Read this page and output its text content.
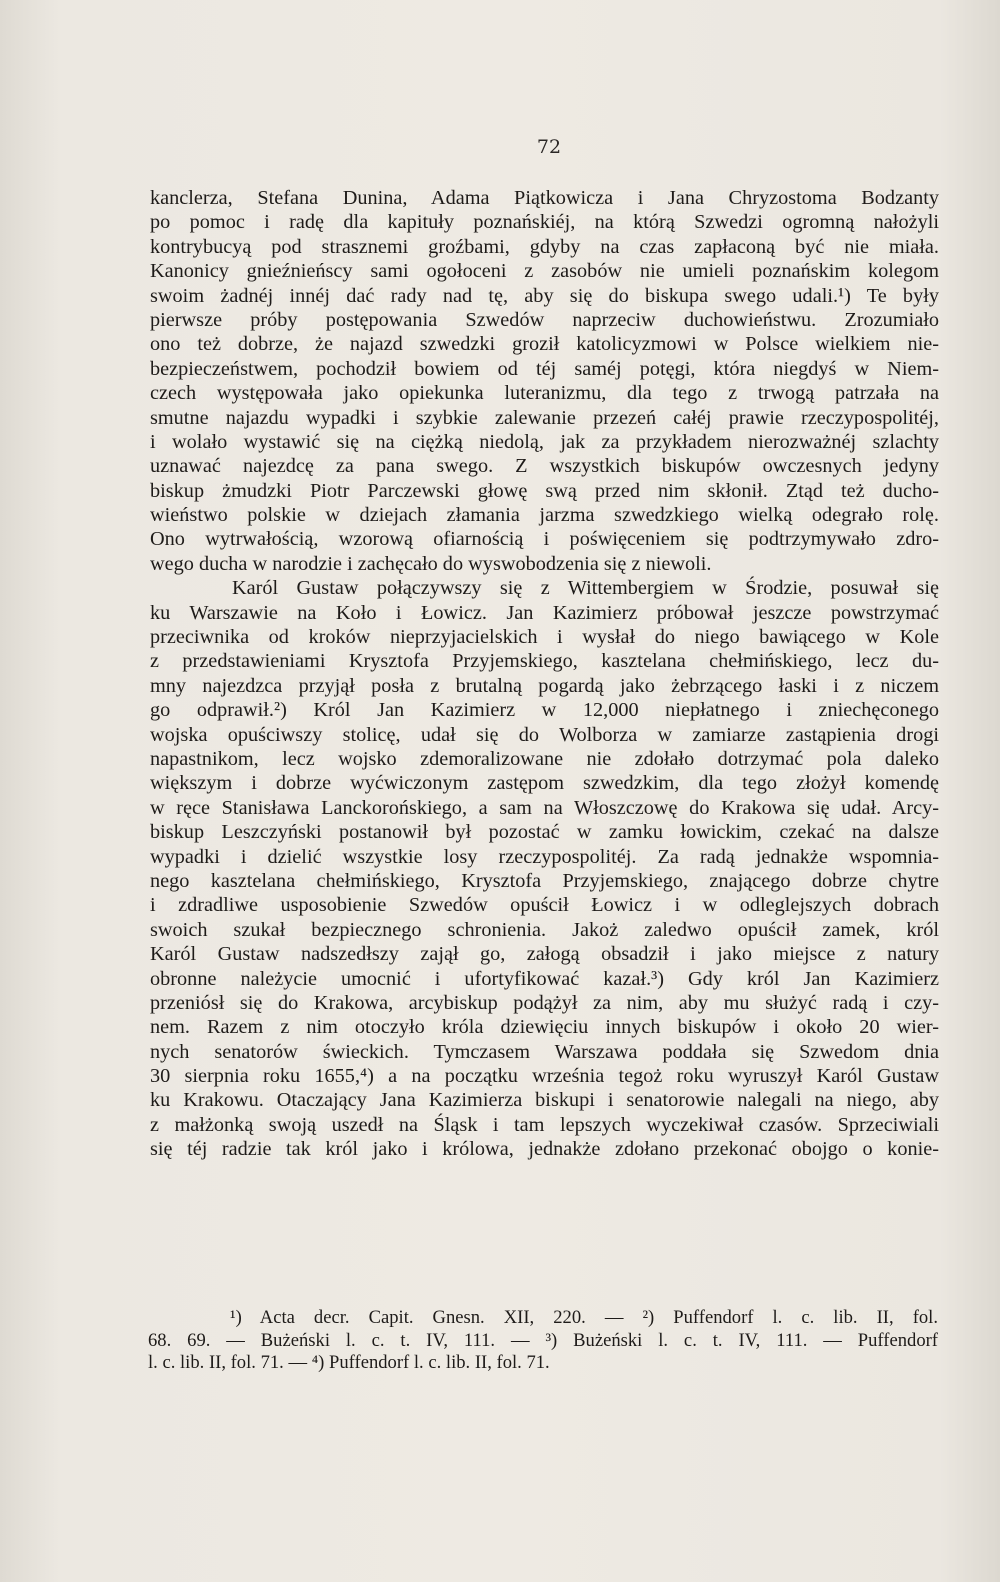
72
kanclerza, Stefana Dunina, Adama Piątkowicza i Jana Chryzostoma Bodzanty
po pomoc i radę dla kapituły poznańskiéj, na którą Szwedzi ogromną nałożyli
kontrybucyą pod strasznemi groźbami, gdyby na czas zapłaconą być nie miała.
Kanonicy gnieźnieńscy sami ogołoceni z zasobów nie umieli poznańskim kolegom
swoim żadnéj innéj dać rady nad tę, aby się do biskupa swego udali.¹) Te były
pierwsze próby postępowania Szwedów naprzeciw duchowieństwu. Zrozumiało
ono też dobrze, że najazd szwedzki groził katolicyzmowi w Polsce wielkiem nie-
bezpieczeństwem, pochodził bowiem od téj saméj potęgi, która niegdyś w Niem-
czech występowała jako opiekunka luteranizmu, dla tego z trwogą patrzała na
smutne najazdu wypadki i szybkie zalewanie przezeń całéj prawie rzeczypospolitéj,
i wolało wystawić się na ciężką niedolą, jak za przykładem nierozważnéj szlachty
uznawać najezdcę za pana swego. Z wszystkich biskupów owczesnych jedyny
biskup żmudzki Piotr Parczewski głowę swą przed nim skłonił. Ztąd też ducho-
wieństwo polskie w dziejach złamania jarzma szwedzkiego wielką odegrało rolę.
Ono wytrwałością, wzorową ofiarnością i poświęceniem się podtrzymywało zdro-
wego ducha w narodzie i zachęcało do wyswobodzenia się z niewoli.
Karól Gustaw połączywszy się z Wittembergiem w Środzie, posuwał się
ku Warszawie na Koło i Łowicz. Jan Kazimierz próbował jeszcze powstrzymać
przeciwnika od kroków nieprzyjacielskich i wysłał do niego bawiącego w Kole
z przedstawieniami Krysztofa Przyjemskiego, kasztelana chełmińskiego, lecz du-
mny najezdzca przyjął posła z brutalną pogardą jako żebrzącego łaski i z niczem
go odprawił.²) Król Jan Kazimierz w 12,000 niepłatnego i zniechęconego
wojska opuściwszy stolicę, udał się do Wolborza w zamiarze zastąpienia drogi
napastnikom, lecz wojsko zdemoralizowane nie zdołało dotrzymać pola daleko
większym i dobrze wyćwiczonym zastępom szwedzkim, dla tego złożył komendę
w ręce Stanisława Lanckorońskiego, a sam na Włoszczowę do Krakowa się udał. Arcy-
biskup Leszczyński postanowił był pozostać w zamku łowickim, czekać na dalsze
wypadki i dzielić wszystkie losy rzeczypospolitéj. Za radą jednakże wspomnia-
nego kasztelana chełmińskiego, Krysztofa Przyjemskiego, znającego dobrze chytre
i zdradliwe usposobienie Szwedów opuścił Łowicz i w odleglejszych dobrach
swoich szukał bezpiecznego schronienia. Jakoż zaledwo opuścił zamek, król
Karól Gustaw nadszedłszy zajął go, załogą obsadził i jako miejsce z natury
obronne należycie umocnić i ufortyfikować kazał.³) Gdy król Jan Kazimierz
przeniósł się do Krakowa, arcybiskup podążył za nim, aby mu służyć radą i czy-
nem. Razem z nim otoczyło króla dziewięciu innych biskupów i około 20 wier-
nych senatorów świeckich. Tymczasem Warszawa poddała się Szwedom dnia
30 sierpnia roku 1655,⁴) a na początku września tegoż roku wyruszył Karól Gustaw
ku Krakowu. Otaczający Jana Kazimierza biskupi i senatorowie nalegali na niego, aby
z małżonką swoją uszedł na Śląsk i tam lepszych wyczekiwał czasów. Sprzeciwiali
się téj radzie tak król jako i królowa, jednakże zdołano przekonać obojgo o konie-
¹) Acta decr. Capit. Gnesn. XII, 220. — ²) Puffendorf l. c. lib. II, fol.
68. 69. — Bużeński l. c. t. IV, 111. — ³) Bużeński l. c. t. IV, 111. — Puffendorf
l. c. lib. II, fol. 71. — ⁴) Puffendorf l. c. lib. II, fol. 71.
